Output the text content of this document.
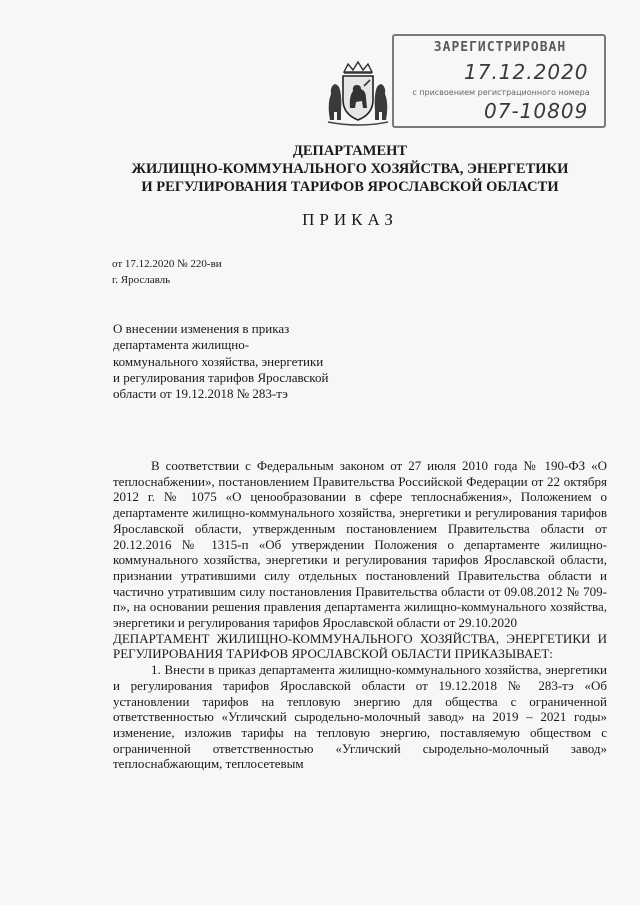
ЗАРЕГИСТРИРОВАН
17.12.2020
с присвоением регистрационного номера
07-10809
ДЕПАРТАМЕНТ
ЖИЛИЩНО-КОММУНАЛЬНОГО ХОЗЯЙСТВА, ЭНЕРГЕТИКИ
И РЕГУЛИРОВАНИЯ ТАРИФОВ ЯРОСЛАВСКОЙ ОБЛАСТИ
ПРИКАЗ
от 17.12.2020 № 220-ви
г. Ярославль
О внесении изменения в приказ департамента жилищно-коммунального хозяйства, энергетики и регулирования тарифов Ярославской области от 19.12.2018 № 283-тэ

В соответствии с Федеральным законом от 27 июля 2010 года № 190-ФЗ «О теплоснабжении», постановлением Правительства Российской Федерации от 22 октября 2012 г. № 1075 «О ценообразовании в сфере теплоснабжения», Положением о департаменте жилищно-коммунального хозяйства, энергетики и регулирования тарифов Ярославской области, утвержденным постановлением Правительства области от 20.12.2016 № 1315-п «Об утверждении Положения о департаменте жилищно-коммунального хозяйства, энергетики и регулирования тарифов Ярославской области, признании утратившими силу отдельных постановлений Правительства области и частично утратившим силу постановления Правительства области от 09.08.2012 № 709-п», на основании решения правления департамента жилищно-коммунального хозяйства, энергетики и регулирования тарифов Ярославской области от 29.10.2020

ДЕПАРТАМЕНТ ЖИЛИЩНО-КОММУНАЛЬНОГО ХОЗЯЙСТВА, ЭНЕРГЕТИКИ И РЕГУЛИРОВАНИЯ ТАРИФОВ ЯРОСЛАВСКОЙ ОБЛАСТИ ПРИКАЗЫВАЕТ:

1. Внести в приказ департамента жилищно-коммунального хозяйства, энергетики и регулирования тарифов Ярославской области от 19.12.2018 № 283-тэ «Об установлении тарифов на тепловую энергию для общества с ограниченной ответственностью «Угличский сыродельно-молочный завод» на 2019 – 2021 годы» изменение, изложив тарифы на тепловую энергию, поставляемую обществом с ограниченной ответственностью «Угличский сыродельно-молочный завод» теплоснабжающим, теплосетевым
